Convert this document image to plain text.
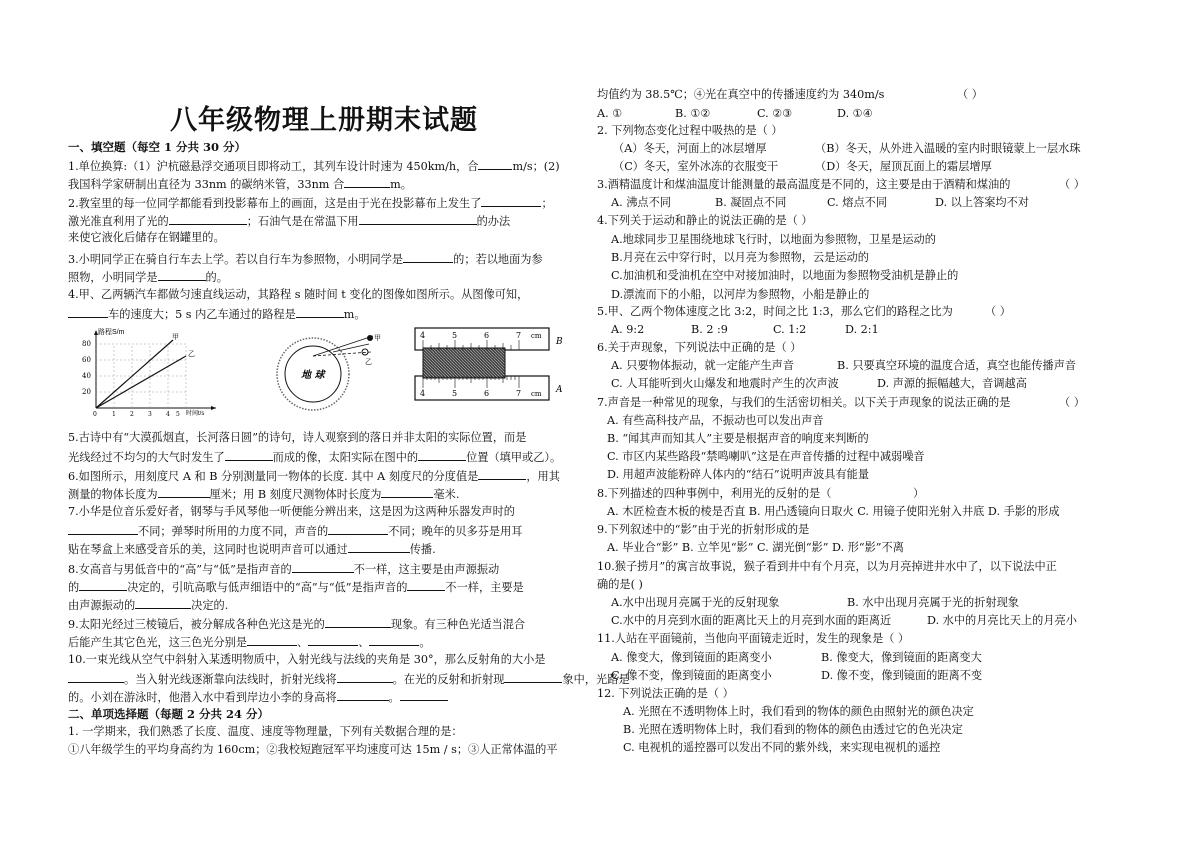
八年级物理上册期末试题
一、填空题（每空 1 分共 30 分）
1.单位换算:（1）沪杭磁悬浮交通项目即将动工，其列车设计时速为 450km/h，合	m/s；(2)
我国科学家研制出直径为 33nm 的碳纳米管，33nm 合	m。
2.教室里的每一位同学都能看到投影幕布上的画面，这是由于光在投影幕布上发生了	；
激光准直利用了光的	；石油气是在常温下用	的办法
来使它液化后储存在钢罐里的。
3.小明同学正在骑自行车去上学。若以自行车为参照物，小明同学是	的；若以地面为参
照物，小明同学是	的。
4.甲、乙两辆汽车都做匀速直线运动，其路程 s 随时间 t 变化的图像如图所示。从图像可知，
车的速度大；5 s 内乙车通过的路程是	m。
路程S/m
时间t/s
80
60
40
20
0	1 2 3 4 5
甲
乙
地 球
甲
乙
4	5	6	7 cm
4	5	6	7 cm
B
A
5.古诗中有“大漠孤烟直，长河落日圆”的诗句，诗人观察到的落日并非太阳的实际位置，而是
光线经过不均匀的大气时发生了	而成的像，太阳实际在图中的	位置（填甲或乙）。
6.如图所示，用刻度尺 A 和 B 分别测量同一物体的长度. 其中 A 刻度尺的分度值是	，用其
测量的物体长度为	厘米；用 B 刻度尺测物体时长度为	毫米.
7.小华是位音乐爱好者，钢琴与手风琴他一听便能分辨出来，这是因为这两种乐器发声时的
不同；弹琴时所用的力度不同，声音的	不同；晚年的贝多芬是用耳
贴在琴盒上来感受音乐的美，这同时也说明声音可以通过	传播.
8.女高音与男低音中的“高”与“低”是指声音的	不一样，这主要是由声源振动
的	决定的，引吭高歌与低声细语中的“高”与“低”是指声音的	不一样，主要是
由声源振动的	决定的.
9.太阳光经过三棱镜后，被分解成各种色光这是光的	现象。有三种色光适当混合
后能产生其它色光，这三色光分别是	、	、	。
10.一束光线从空气中斜射入某透明物质中，入射光线与法线的夹角是 30°，那么反射角的大小是
。当入射光线逐渐靠向法线时，折射光线将	。在光的反射和折射现	象中，光路是
的。小刘在游泳时，他潜入水中看到岸边小李的身高将	。
二、单项选择题（每题 2 分共 24 分）
1. 一学期来，我们熟悉了长度、温度、速度等物理量，下列有关数据合理的是：
①八年级学生的平均身高约为 160cm；②我校短跑冠军平均速度可达 15m / s；③人正常体温的平
均值约为 38.5℃；④光在真空中的传播速度约为 340m/s	（ ）
A. ①	B. ①②	C. ②③	D. ①④
2. 下列物态变化过程中吸热的是（ ）
（A）冬天，河面上的冰层增厚	（B）冬天，从外进入温暖的室内时眼镜蒙上一层水珠
（C）冬天，室外冰冻的衣服变干	（D）冬天，屋顶瓦面上的霜层增厚
3.酒精温度计和煤油温度计能测量的最高温度是不同的，这主要是由于酒精和煤油的	（ ）
A. 沸点不同	B. 凝固点不同	C. 熔点不同	D. 以上答案均不对
4.下列关于运动和静止的说法正确的是（ ）
A.地球同步卫星围绕地球飞行时，以地面为参照物，卫星是运动的
B.月亮在云中穿行时，以月亮为参照物，云是运动的
C.加油机和受油机在空中对接加油时，以地面为参照物受油机是静止的
D.漂流而下的小船，以河岸为参照物，小船是静止的
5.甲、乙两个物体速度之比 3:2，时间之比 1:3，那么它们的路程之比为	（ ）
A. 9:2	B. 2 :9	C. 1:2	D. 2:1
6.关于声现象，下列说法中正确的是（ ）
A. 只要物体振动，就一定能产生声音	B. 只要真空环境的温度合适，真空也能传播声音
C. 人耳能听到火山爆发和地震时产生的次声波	D. 声源的振幅越大，音调越高
7.声音是一种常见的现象，与我们的生活密切相关。以下关于声现象的说法正确的是	（ ）
A. 有些高科技产品，不振动也可以发出声音
B. “闻其声而知其人”主要是根据声音的响度来判断的
C. 市区内某些路段“禁鸣喇叭”这是在声音传播的过程中减弱噪音
D. 用超声波能粉碎人体内的“结石”说明声波具有能量
8.下列描述的四种事例中，利用光的反射的是（	）
A. 木匠检查木板的棱是否直 B. 用凸透镜向日取火 C. 用镜子使阳光射入井底 D. 手影的形成
9.下列叙述中的“影”由于光的折射形成的是
A. 毕业合“影” B. 立竿见“影” C. 湖光倒“影” D. 形“影”不离
10.猴子捞月”的寓言故事说，猴子看到井中有个月亮，以为月亮掉进井水中了，以下说法中正
确的是( )
A.水中出现月亮属于光的反射现象	B. 水中出现月亮属于光的折射现象
C.水中的月亮到水面的距离比天上的月亮到水面的距离近	D. 水中的月亮比天上的月亮小
11.人站在平面镜前，当他向平面镜走近时，发生的现象是（ ）
A. 像变大，像到镜面的距离变小	B. 像变大，像到镜面的距离变大
C. 像不变，像到镜面的距离变小	D. 像不变，像到镜面的距离不变
12. 下列说法正确的是（ ）
A. 光照在不透明物体上时，我们看到的物体的颜色由照射光的颜色决定
B. 光照在透明物体上时，我们看到的物体的颜色由透过它的色光决定
C. 电视机的遥控器可以发出不同的紫外线，来实现电视机的遥控
